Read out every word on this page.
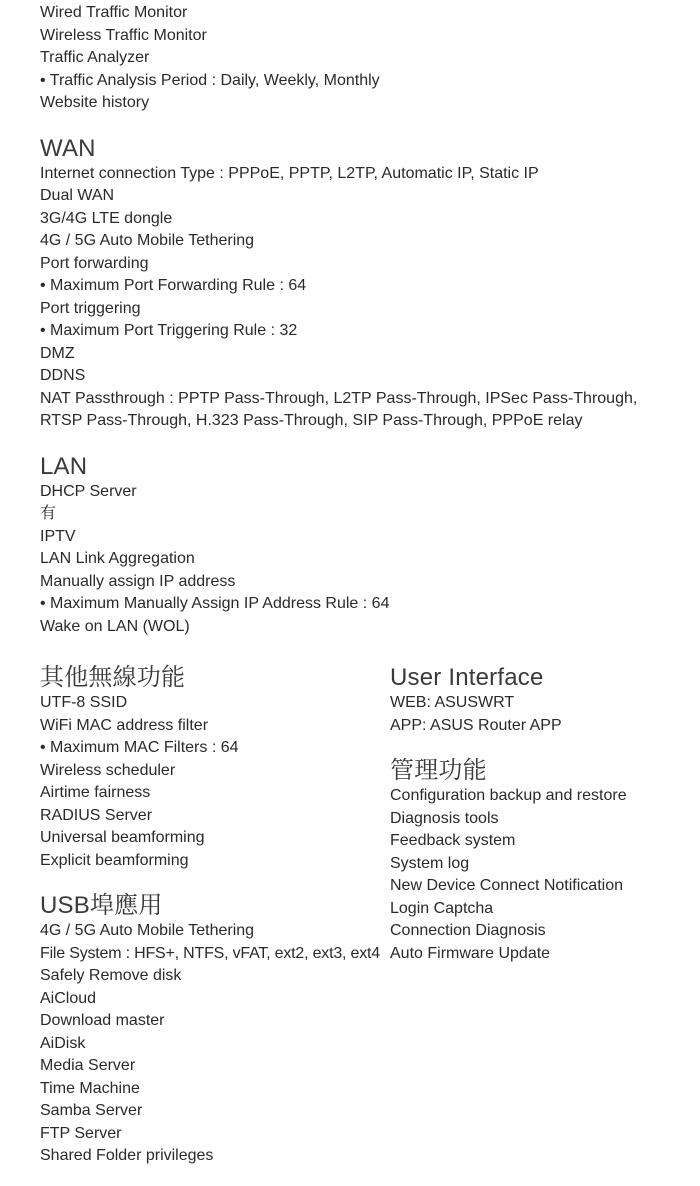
Wired Traffic Monitor
Wireless Traffic Monitor
Traffic Analyzer
• Traffic Analysis Period : Daily, Weekly, Monthly
Website history
WAN
Internet connection Type : PPPoE, PPTP, L2TP, Automatic IP, Static IP
Dual WAN
3G/4G LTE dongle
4G / 5G Auto Mobile Tethering
Port forwarding
• Maximum Port Forwarding Rule : 64
Port triggering
• Maximum Port Triggering Rule : 32
DMZ
DDNS
NAT Passthrough : PPTP Pass-Through, L2TP Pass-Through, IPSec Pass-Through, RTSP Pass-Through, H.323 Pass-Through, SIP Pass-Through, PPPoE relay
LAN
DHCP Server
有
IPTV
LAN Link Aggregation
Manually assign IP address
• Maximum Manually Assign IP Address Rule : 64
Wake on LAN (WOL)
其他無線功能
UTF-8 SSID
WiFi MAC address filter
• Maximum MAC Filters : 64
Wireless scheduler
Airtime fairness
RADIUS Server
Universal beamforming
Explicit beamforming
USB埠應用
4G / 5G Auto Mobile Tethering
File System : HFS+, NTFS, vFAT, ext2, ext3, ext4
Safely Remove disk
AiCloud
Download master
AiDisk
Media Server
Time Machine
Samba Server
FTP Server
Shared Folder privileges
User Interface
WEB: ASUSWRT
APP: ASUS Router APP
管理功能
Configuration backup and restore
Diagnosis tools
Feedback system
System log
New Device Connect Notification
Login Captcha
Connection Diagnosis
Auto Firmware Update
